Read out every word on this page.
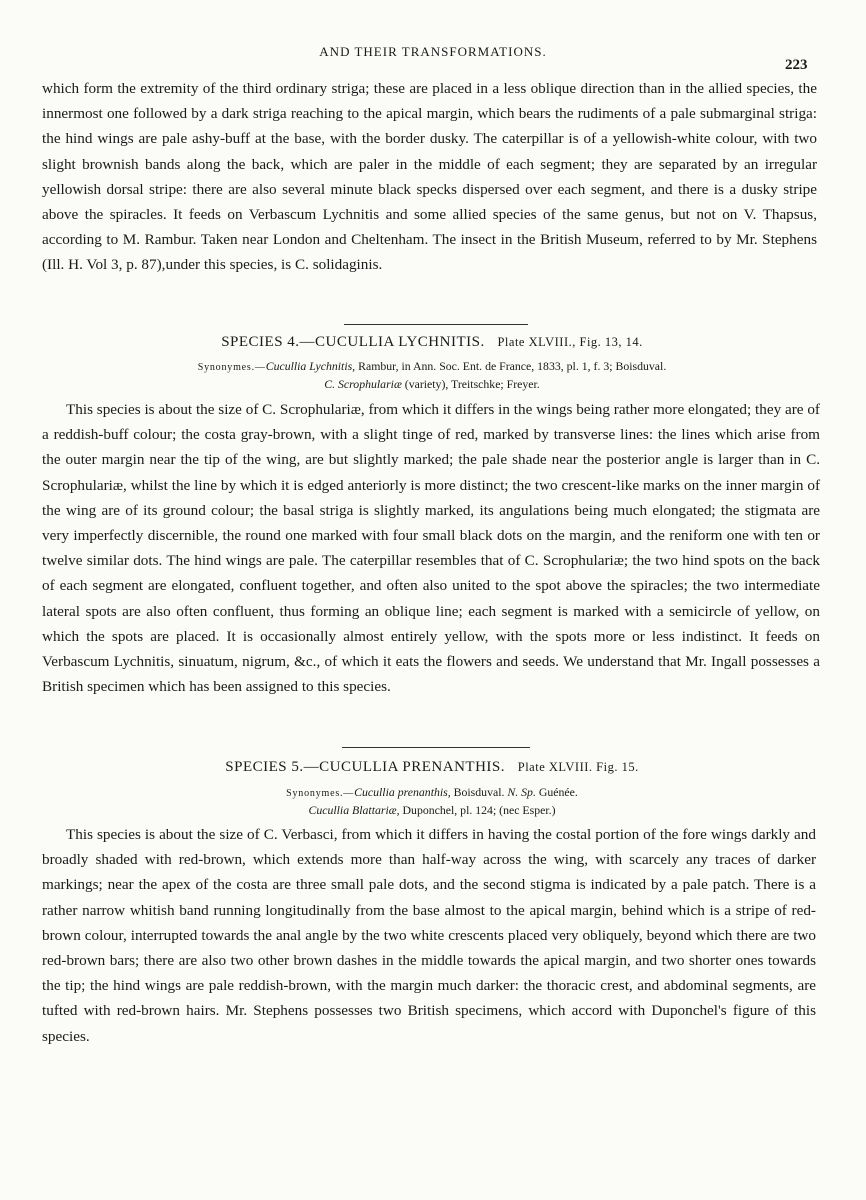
AND THEIR TRANSFORMATIONS.
223

which form the extremity of the third ordinary striga; these are placed in a less oblique direction than in the allied species, the innermost one followed by a dark striga reaching to the apical margin, which bears the rudiments of a pale submarginal striga: the hind wings are pale ashy-buff at the base, with the border dusky. The caterpillar is of a yellowish-white colour, with two slight brownish bands along the back, which are paler in the middle of each segment; they are separated by an irregular yellowish dorsal stripe: there are also several minute black specks dispersed over each segment, and there is a dusky stripe above the spiracles. It feeds on Verbascum Lychnitis and some allied species of the same genus, but not on V. Thapsus, according to M. Rambur. Taken near London and Cheltenham. The insect in the British Museum, referred to by Mr. Stephens (Ill. H. Vol 3, p. 87),under this species, is C. solidaginis.

SPECIES 4.—CUCULLIA LYCHNITIS. Plate XLVIII., Fig. 13, 14.
Synonymes.—Cucullia Lychnitis, Rambur, in Ann. Soc. Ent. de France, 1833, pl. 1, f. 3; Boisduval.
C. Scrophulariæ (variety), Treitschke; Freyer.

This species is about the size of C. Scrophulariæ, from which it differs in the wings being rather more elongated; they are of a reddish-buff colour; the costa gray-brown, with a slight tinge of red, marked by transverse lines: the lines which arise from the outer margin near the tip of the wing, are but slightly marked; the pale shade near the posterior angle is larger than in C. Scrophulariæ, whilst the line by which it is edged anteriorly is more distinct; the two crescent-like marks on the inner margin of the wing are of its ground colour; the basal striga is slightly marked, its angulations being much elongated; the stigmata are very imperfectly discernible, the round one marked with four small black dots on the margin, and the reniform one with ten or twelve similar dots. The hind wings are pale. The caterpillar resembles that of C. Scrophulariæ; the two hind spots on the back of each segment are elongated, confluent together, and often also united to the spot above the spiracles; the two intermediate lateral spots are also often confluent, thus forming an oblique line; each segment is marked with a semicircle of yellow, on which the spots are placed. It is occasionally almost entirely yellow, with the spots more or less indistinct. It feeds on Verbascum Lychnitis, sinuatum, nigrum, &c., of which it eats the flowers and seeds. We understand that Mr. Ingall possesses a British specimen which has been assigned to this species.

SPECIES 5.—CUCULLIA PRENANTHIS. Plate XLVIII. Fig. 15.
Synonymes.—Cucullia prenanthis, Boisduval. N. Sp. Guénée.
Cucullia Blattariæ, Duponchel, pl. 124; (nec Esper.)

This species is about the size of C. Verbasci, from which it differs in having the costal portion of the fore wings darkly and broadly shaded with red-brown, which extends more than half-way across the wing, with scarcely any traces of darker markings; near the apex of the costa are three small pale dots, and the second stigma is indicated by a pale patch. There is a rather narrow whitish band running longitudinally from the base almost to the apical margin, behind which is a stripe of red-brown colour, interrupted towards the anal angle by the two white crescents placed very obliquely, beyond which there are two red-brown bars; there are also two other brown dashes in the middle towards the apical margin, and two shorter ones towards the tip; the hind wings are pale reddish-brown, with the margin much darker: the thoracic crest, and abdominal segments, are tufted with red-brown hairs. Mr. Stephens possesses two British specimens, which accord with Duponchel's figure of this species.
